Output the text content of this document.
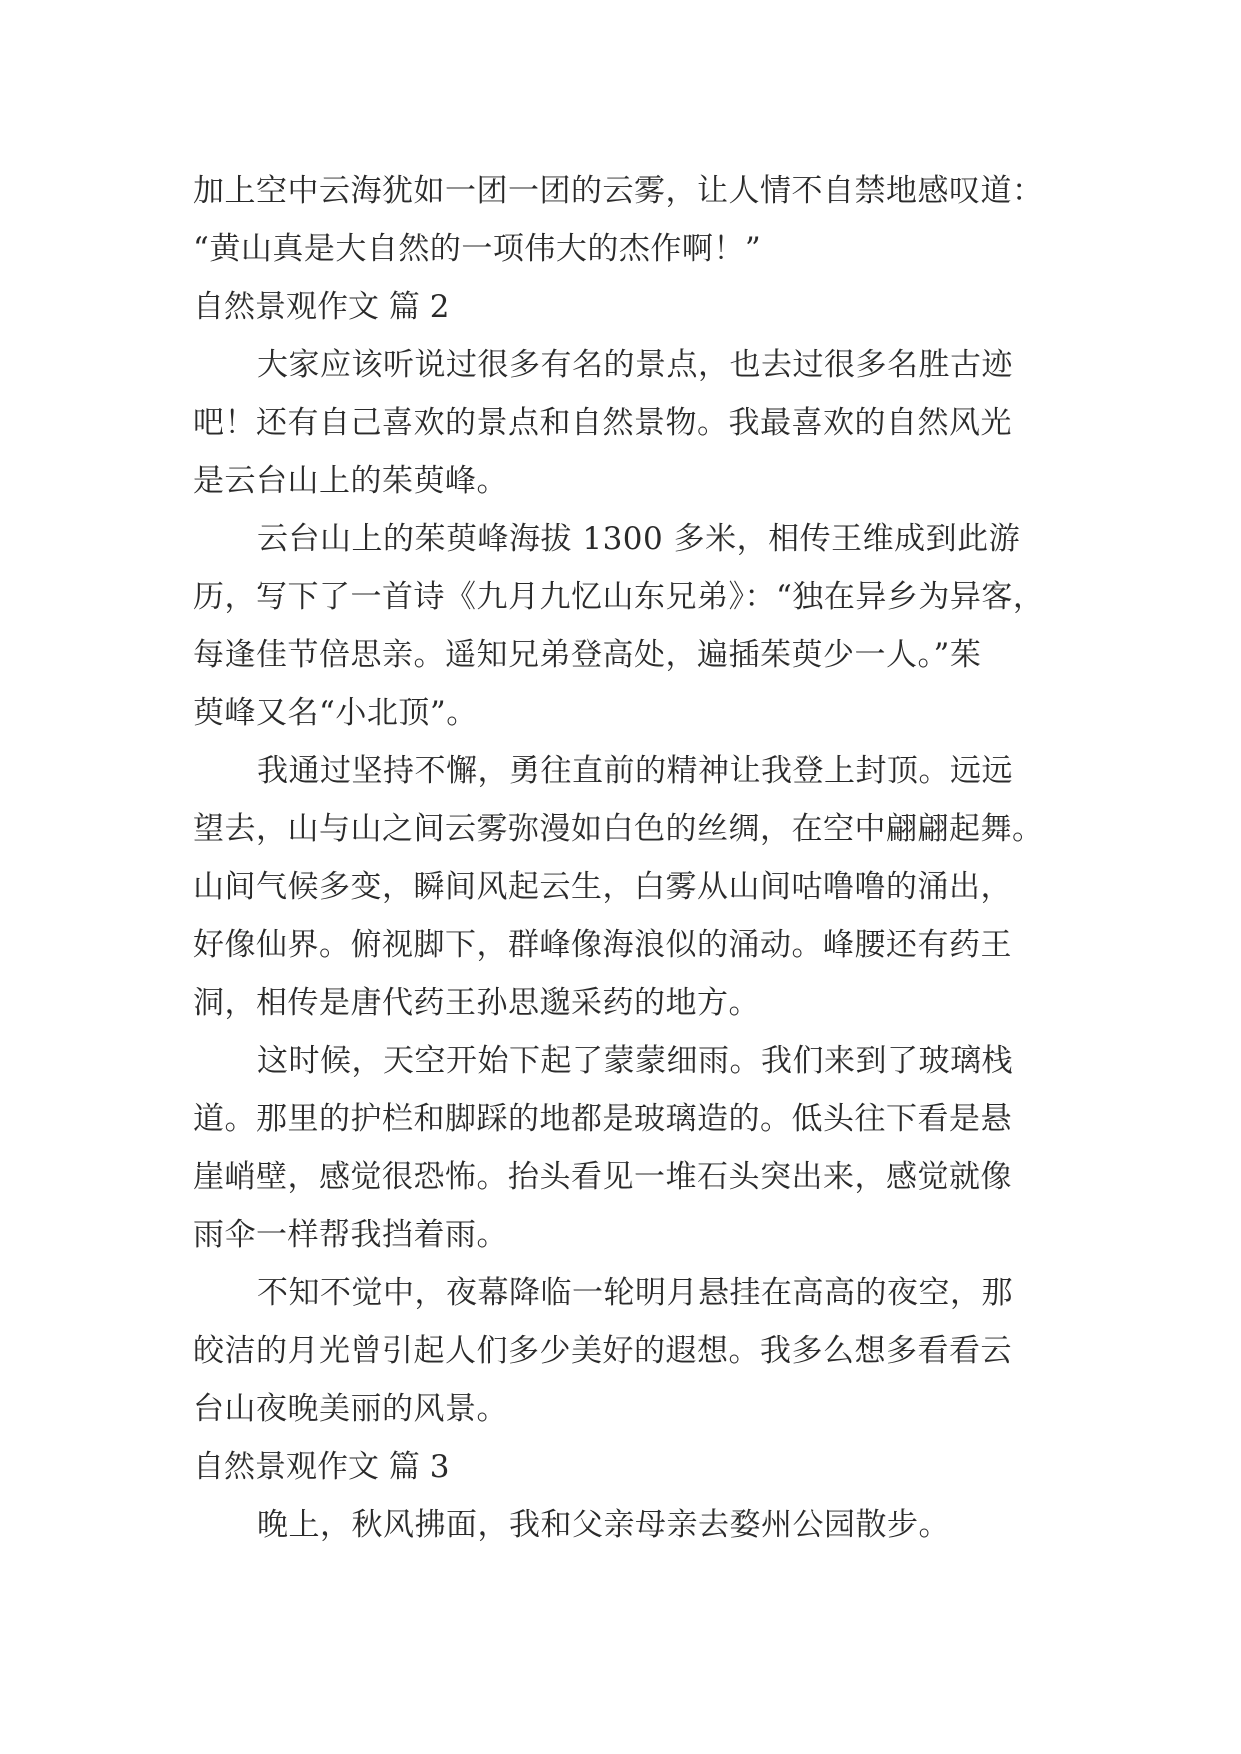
加上空中云海犹如一团一团的云雾，让人情不自禁地感叹道：
“黄山真是大自然的一项伟大的杰作啊！”
自然景观作文 篇 2
大家应该听说过很多有名的景点，也去过很多名胜古迹
吧！还有自己喜欢的景点和自然景物。我最喜欢的自然风光
是云台山上的茱萸峰。
云台山上的茱萸峰海拔 1300 多米，相传王维成到此游
历，写下了一首诗《九月九忆山东兄弟》：“独在异乡为异客，
每逢佳节倍思亲。遥知兄弟登高处，遍插茱萸少一人。”茱
萸峰又名“小北顶”。
我通过坚持不懈，勇往直前的精神让我登上封顶。远远
望去，山与山之间云雾弥漫如白色的丝绸，在空中翩翩起舞。
山间气候多变，瞬间风起云生，白雾从山间咕噜噜的涌出，
好像仙界。俯视脚下，群峰像海浪似的涌动。峰腰还有药王
洞，相传是唐代药王孙思邈采药的地方。
这时候，天空开始下起了蒙蒙细雨。我们来到了玻璃栈
道。那里的护栏和脚踩的地都是玻璃造的。低头往下看是悬
崖峭壁，感觉很恐怖。抬头看见一堆石头突出来，感觉就像
雨伞一样帮我挡着雨。
不知不觉中，夜幕降临一轮明月悬挂在高高的夜空，那
皎洁的月光曾引起人们多少美好的遐想。我多么想多看看云
台山夜晚美丽的风景。
自然景观作文 篇 3
晚上，秋风拂面，我和父亲母亲去婺州公园散步。
